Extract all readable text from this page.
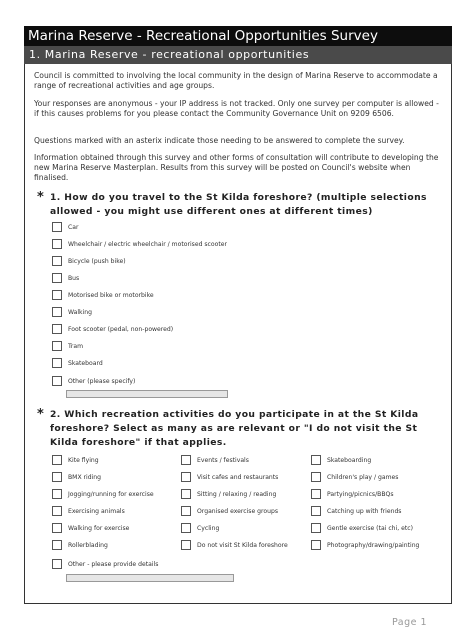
Marina Reserve - Recreational Opportunities Survey
1. Marina Reserve - recreational opportunities

Council is committed to involving the local community in the design of Marina Reserve to accommodate a range of recreational activities and age groups.

Your responses are anonymous - your IP address is not tracked. Only one survey per computer is allowed - if this causes problems for you please contact the Community Governance Unit on 9209 6506.

Questions marked with an asterix indicate those needing to be answered to complete the survey.

Information obtained through this survey and other forms of consultation will contribute to developing the new Marina Reserve Masterplan. Results from this survey will be posted on Council's website when finalised.

* 1. How do you travel to the St Kilda foreshore? (multiple selections allowed - you might use different ones at different times)
Car
Wheelchair / electric wheelchair / motorised scooter
Bicycle (push bike)
Bus
Motorised bike or motorbike
Walking
Foot scooter (pedal, non-powered)
Tram
Skateboard
Other (please specify)
* 2. Which recreation activities do you participate in at the St Kilda foreshore? Select as many as are relevant or "I do not visit the St Kilda foreshore" if that applies.
Kite flying
BMX riding
Jogging/running for exercise
Exercising animals
Walking for exercise
Rollerblading
Events / festivals
Visit cafes and restaurants
Sitting / relaxing / reading
Organised exercise groups
Cycling
Do not visit St Kilda foreshore
Skateboarding
Children's play / games
Partying/picnics/BBQs
Catching up with friends
Gentle exercise (tai chi, etc)
Photography/drawing/painting
Other - please provide details
Page 1
